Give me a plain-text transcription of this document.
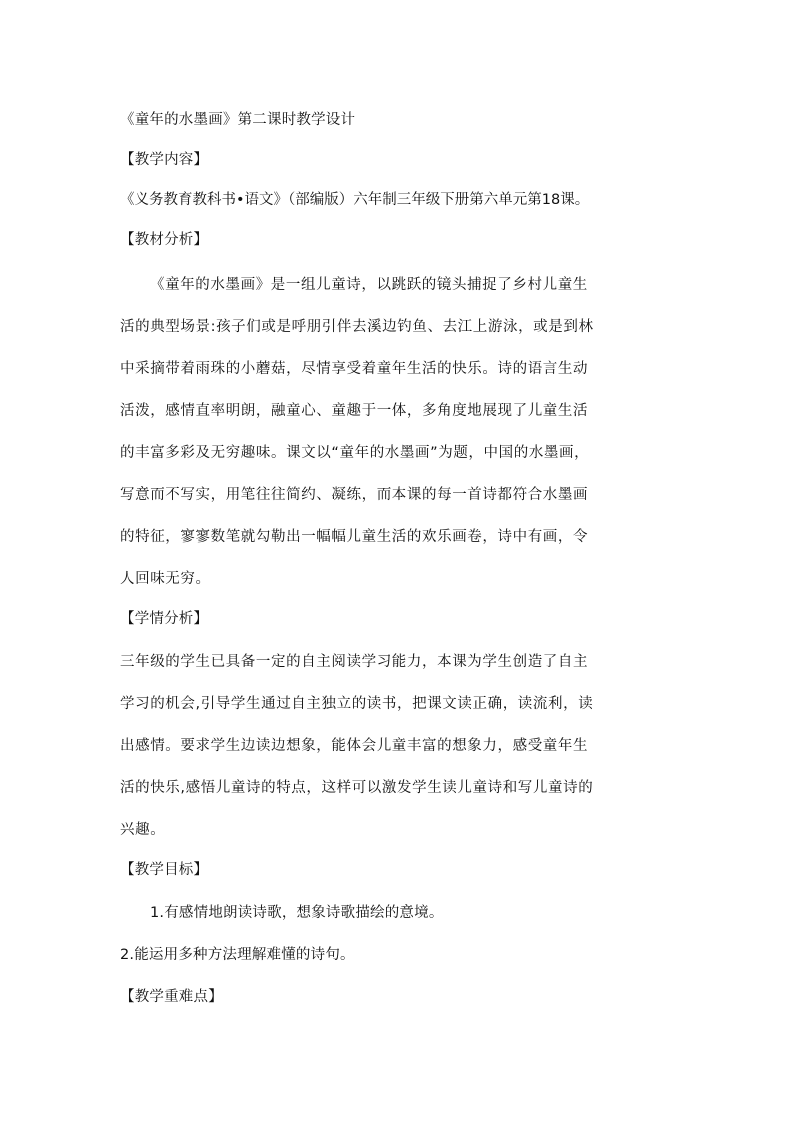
《童年的水墨画》第二课时教学设计
【教学内容】
《义务教育教科书•语文》（部编版）六年制三年级下册第六单元第18课。
【教材分析】
《童年的水墨画》是一组儿童诗，以跳跃的镜头捕捉了乡村儿童生
活的典型场景:孩子们或是呼朋引伴去溪边钓鱼、去江上游泳，或是到林
中采摘带着雨珠的小蘑菇，尽情享受着童年生活的快乐。诗的语言生动
活泼，感情直率明朗，融童心、童趣于一体，多角度地展现了儿童生活
的丰富多彩及无穷趣味。课文以“童年的水墨画”为题，中国的水墨画，
写意而不写实，用笔往往简约、凝练，而本课的每一首诗都符合水墨画
的特征，寥寥数笔就勾勒出一幅幅儿童生活的欢乐画卷，诗中有画，令
人回味无穷。
【学情分析】
三年级的学生已具备一定的自主阅读学习能力，本课为学生创造了自主
学习的机会,引导学生通过自主独立的读书，把课文读正确，读流利，读
出感情。要求学生边读边想象，能体会儿童丰富的想象力，感受童年生
活的快乐,感悟儿童诗的特点，这样可以激发学生读儿童诗和写儿童诗的
兴趣。
【教学目标】
1.有感情地朗读诗歌，想象诗歌描绘的意境。
2.能运用多种方法理解难懂的诗句。
【教学重难点】
